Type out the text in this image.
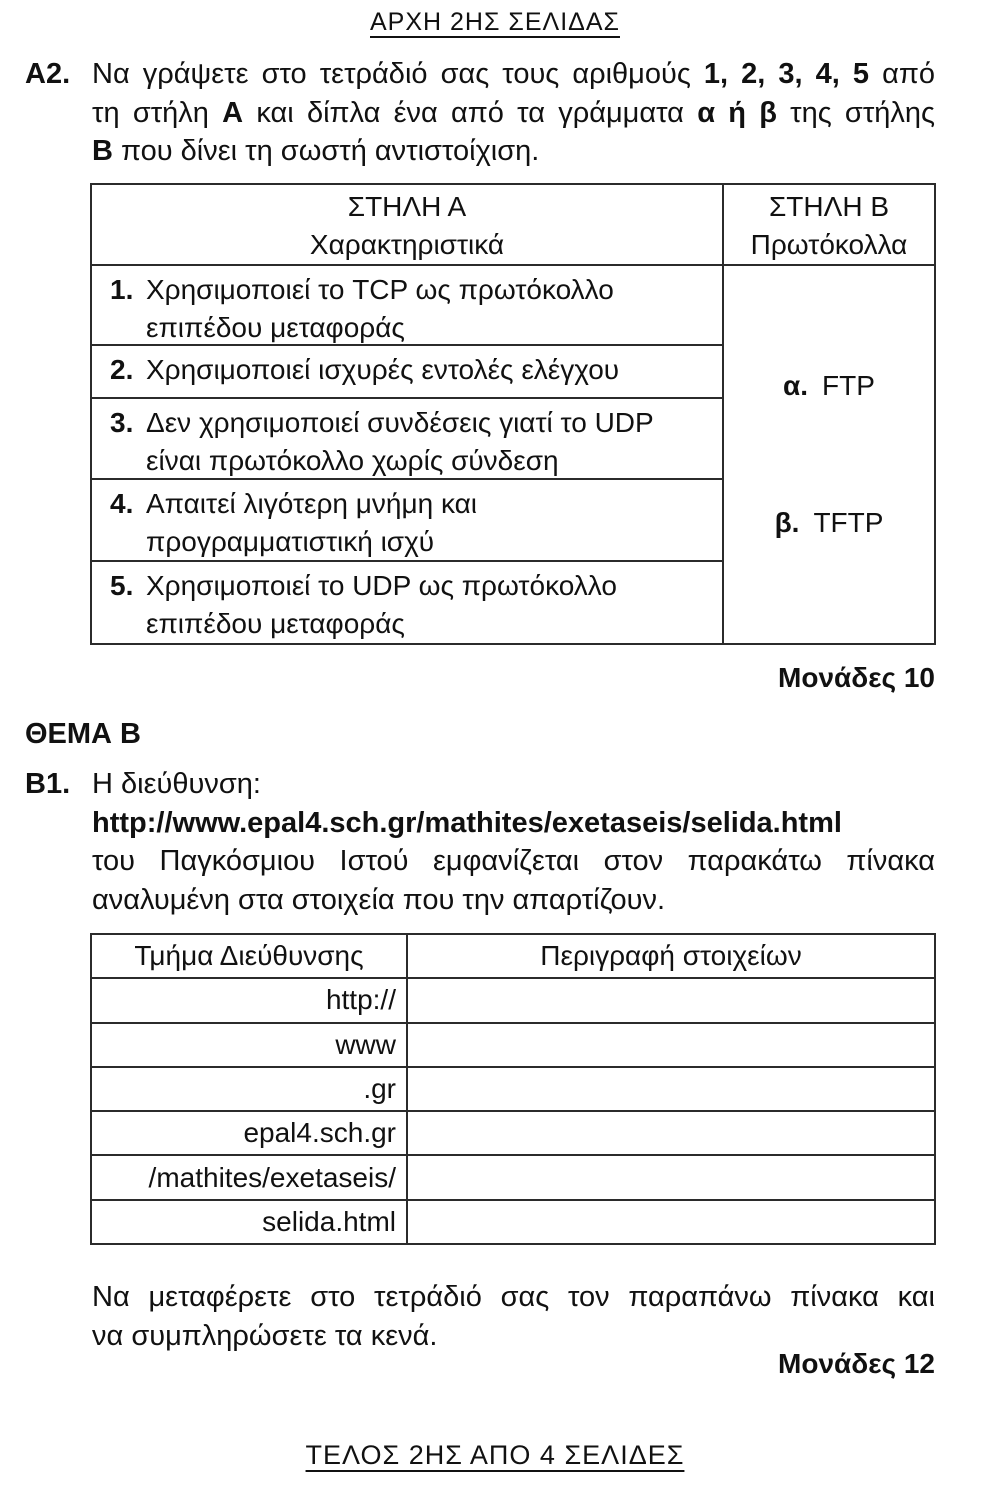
ΑΡΧΗ 2ΗΣ ΣΕΛΙΔΑΣ
Α2. Να γράψετε στο τετράδιό σας τους αριθμούς 1, 2, 3, 4, 5 από
τη στήλη Α και δίπλα ένα από τα γράμματα α ή β της στήλης
Β που δίνει τη σωστή αντιστοίχιση.
ΣΤΗΛΗ Α
Χαρακτηριστικά
1. Χρησιμοποιεί το TCP ως πρωτόκολλο
επιπέδου μεταφοράς
2. Χρησιμοποιεί ισχυρές εντολές ελέγχου
3. Δεν χρησιμοποιεί συνδέσεις γιατί το UDP
είναι πρωτόκολλο χωρίς σύνδεση
4. Απαιτεί λιγότερη μνήμη και
προγραμματιστική ισχύ
5. Χρησιμοποιεί το UDP ως πρωτόκολλο
επιπέδου μεταφοράς
ΣΤΗΛΗ Β
Πρωτόκολλα
α. FTP
β. TFTP
Μονάδες 10
ΘΕΜΑ Β
Β1. Η διεύθυνση:
http://www.epal4.sch.gr/mathites/exetaseis/selida.html
του Παγκόσμιου Ιστού εμφανίζεται στον παρακάτω πίνακα
αναλυμένη στα στοιχεία που την απαρτίζουν.
Τμήμα Διεύθυνσης	Περιγραφή στοιχείων
http://
www
.gr
epal4.sch.gr
/mathites/exetaseis/
selida.html
Να μεταφέρετε στο τετράδιό σας τον παραπάνω πίνακα και
να συμπληρώσετε τα κενά.
Μονάδες 12
ΤΕΛΟΣ 2ΗΣ ΑΠΟ 4 ΣΕΛΙΔΕΣ
